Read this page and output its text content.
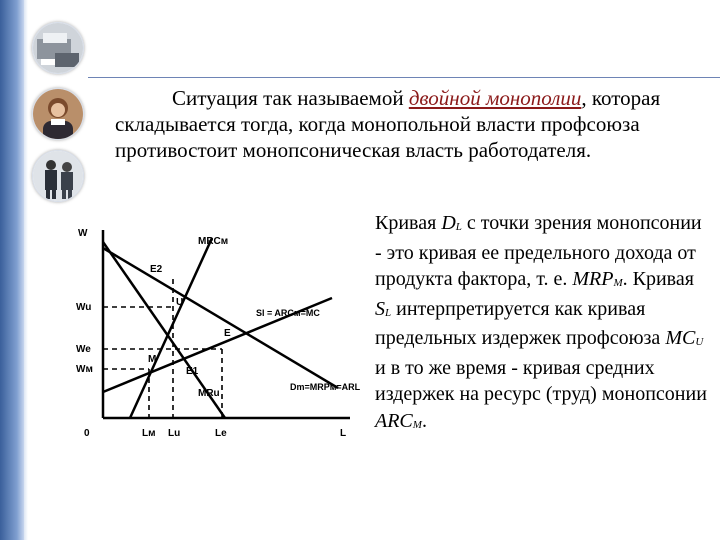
Ситуация так называемой двойной монополии, которая складывается тогда, когда монопольной власти профсоюза противостоит монопсоническая власть работодателя.

Кривая $D_L$ с точки зрения монопсонии - это кривая ее предельного дохода от продукта фактора, т. е. $MRP_M$. Кривая $S_L$ интерпретируется как кривая предельных издержек профсоюза $MC_U$ и в то же время - кривая средних издержек на ресурс (труд) монопсонии $ARC_M$.
W
L
0
Wu
We
Wм
Lм Lu	Le
MRCм
E2
U
Sl = ARCм=MC
E
M
E1
MRu
Dm=MRPм=ARL
